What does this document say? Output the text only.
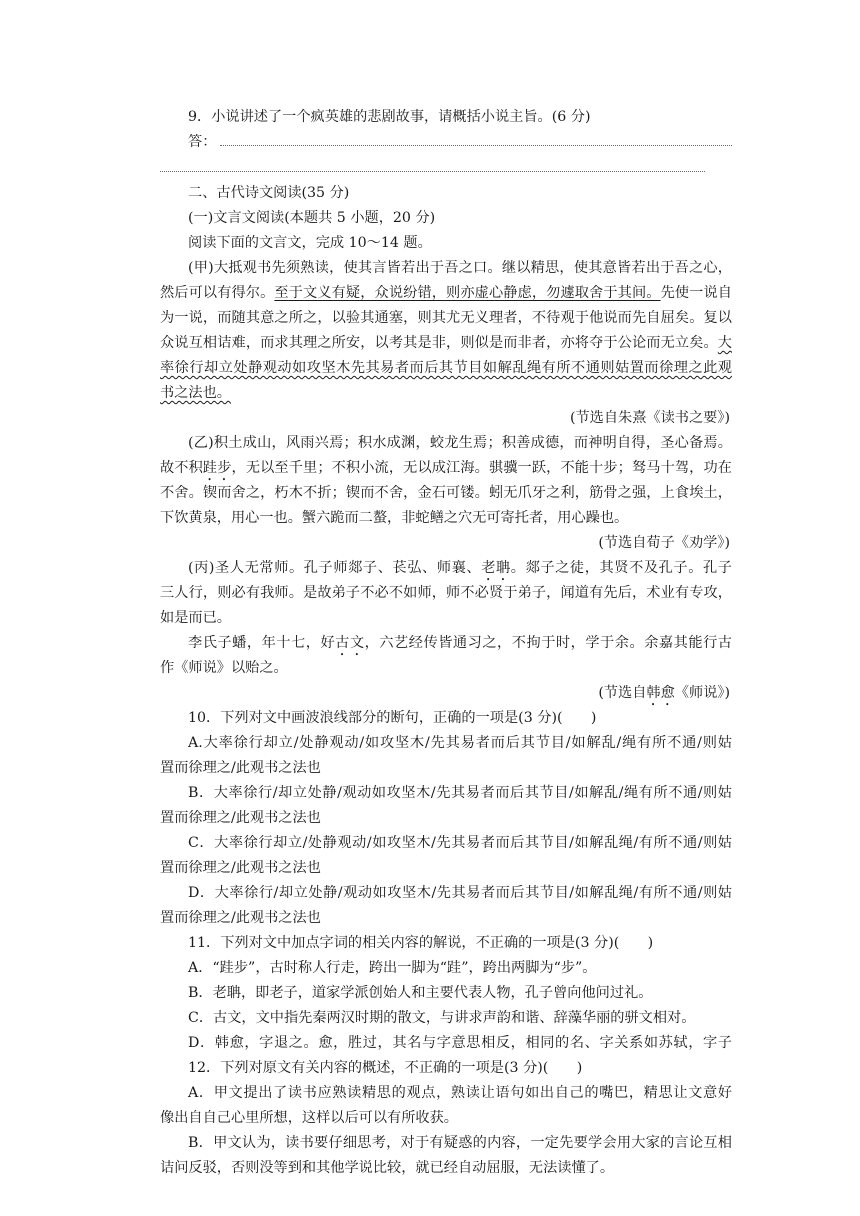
9．小说讲述了一个疯英雄的悲剧故事，请概括小说主旨。(6 分)
答：
二、古代诗文阅读(35 分)
(一)文言文阅读(本题共 5 小题，20 分)
阅读下面的文言文，完成 10～14 题。
(甲)大抵观书先须熟读，使其言皆若出于吾之口。继以精思，使其意皆若出于吾之心，
然后可以有得尔。至于文义有疑，众说纷错，则亦虚心静虑，勿遽取舍于其间。先使一说自
为一说，而随其意之所之，以验其通塞，则其尤无义理者，不待观于他说而先自屈矣。复以
众说互相诘难，而求其理之所安，以考其是非，则似是而非者，亦将夺于公论而无立矣。大
率徐行却立处静观动如攻坚木先其易者而后其节目如解乱绳有所不通则姑置而徐理之此观
书之法也。
(节选自朱熹《读书之要》)
(乙)积土成山，风雨兴焉；积水成渊，蛟龙生焉；积善成德，而神明自得，圣心备焉。
故不积跬步，无以至千里；不积小流，无以成江海。骐骥一跃，不能十步；驽马十驾，功在
不舍。锲而舍之，朽木不折；锲而不舍，金石可镂。蚓无爪牙之利，筋骨之强，上食埃土，
下饮黄泉，用心一也。蟹六跪而二螯，非蛇鳝之穴无可寄托者，用心躁也。
(节选自荀子《劝学》)
(丙)圣人无常师。孔子师郯子、苌弘、师襄、老聃。郯子之徒，其贤不及孔子。孔子
三人行，则必有我师。是故弟子不必不如师，师不必贤于弟子，闻道有先后，术业有专攻，
如是而已。
李氏子蟠，年十七，好古文，六艺经传皆通习之，不拘于时，学于余。余嘉其能行古
作《师说》以贻之。
(节选自韩愈《师说》)
10．下列对文中画波浪线部分的断句，正确的一项是(3 分)(　　)
A.大率徐行却立/处静观动/如攻坚木/先其易者而后其节目/如解乱/绳有所不通/则姑
置而徐理之/此观书之法也
B．大率徐行/却立处静/观动如攻坚木/先其易者而后其节目/如解乱/绳有所不通/则姑
置而徐理之/此观书之法也
C．大率徐行却立/处静观动/如攻坚木/先其易者而后其节目/如解乱绳/有所不通/则姑
置而徐理之/此观书之法也
D．大率徐行/却立处静/观动如攻坚木/先其易者而后其节目/如解乱绳/有所不通/则姑
置而徐理之/此观书之法也
11．下列对文中加点字词的相关内容的解说，不正确的一项是(3 分)(　　)
A．“跬步”，古时称人行走，跨出一脚为“跬”，跨出两脚为“步”。
B．老聃，即老子，道家学派创始人和主要代表人物，孔子曾向他问过礼。
C．古文，文中指先秦两汉时期的散文，与讲求声韵和谐、辞藻华丽的骈文相对。
D．韩愈，字退之。愈，胜过，其名与字意思相反，相同的名、字关系如苏轼，字子
12．下列对原文有关内容的概述，不正确的一项是(3 分)(　　)
A．甲文提出了读书应熟读精思的观点，熟读让语句如出自己的嘴巴，精思让文意好
像出自自己心里所想，这样以后可以有所收获。
B．甲文认为，读书要仔细思考，对于有疑惑的内容，一定先要学会用大家的言论互相
诘问反驳，否则没等到和其他学说比较，就已经自动屈服，无法读懂了。
